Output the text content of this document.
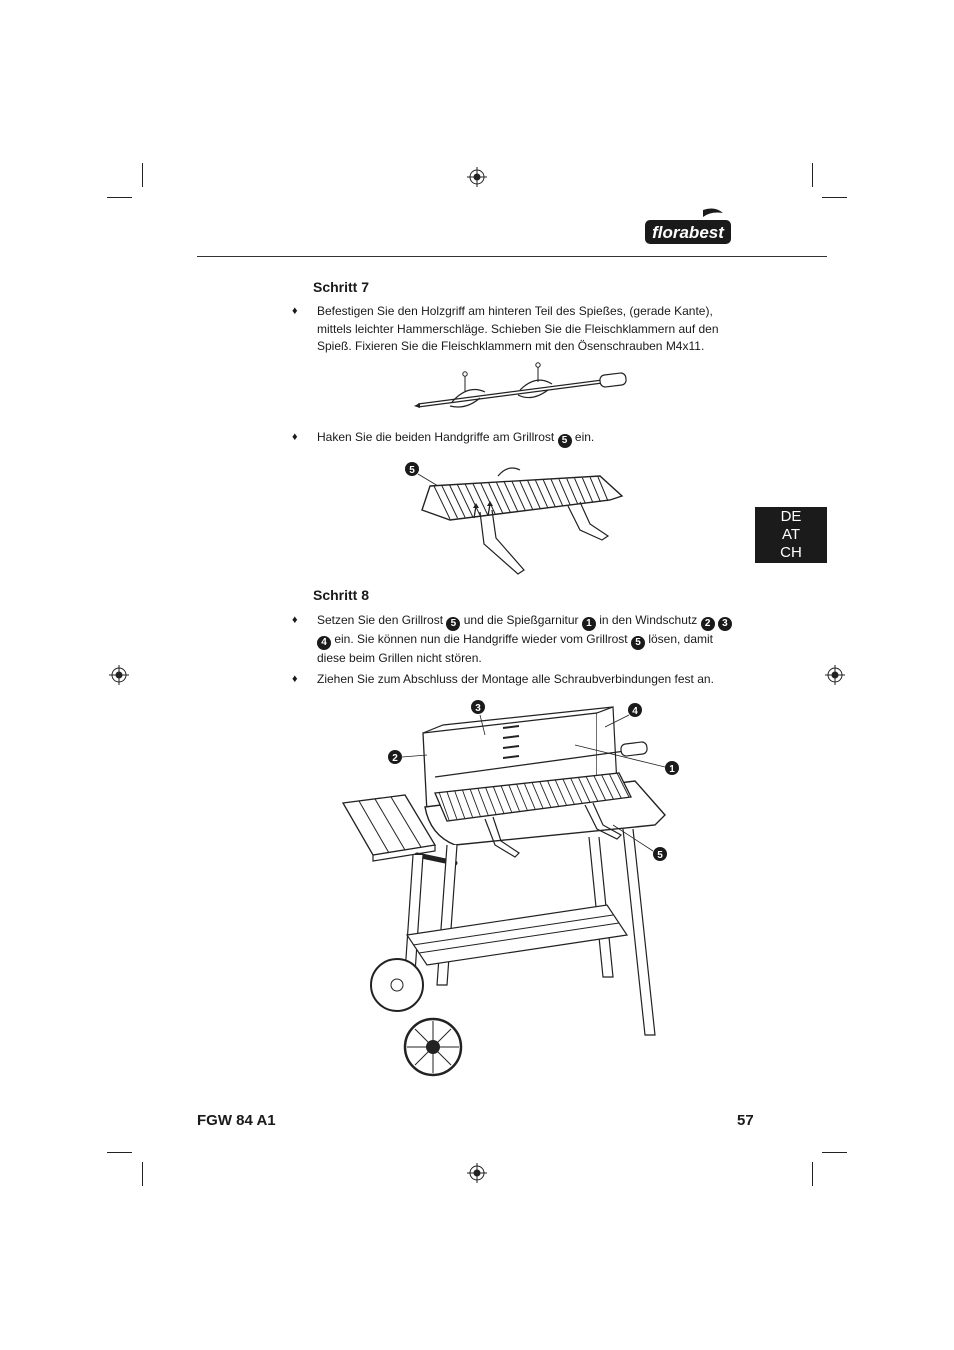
florabest
DE
AT
CH
Schritt 7
♦ Befestigen Sie den Holzgriff am hinteren Teil des Spießes, (gerade Kante), mittels leichter Hammerschläge. Schieben Sie die Fleischklammern auf den Spieß. Fixieren Sie die Fleischklammern mit den Ösenschrauben M4x11.
♦ Haken Sie die beiden Handgriffe am Grillrost 5 ein.
5
Schritt 8
♦ Setzen Sie den Grillrost 5 und die Spießgarnitur 1 in den Windschutz 2 3 4 ein. Sie können nun die Handgriffe wieder vom Grillrost 5 lösen, damit diese beim Grillen nicht stören.
♦ Ziehen Sie zum Abschluss der Montage alle Schraubverbindungen fest an.
3	4
2
1
5
FGW 84 A1	57
